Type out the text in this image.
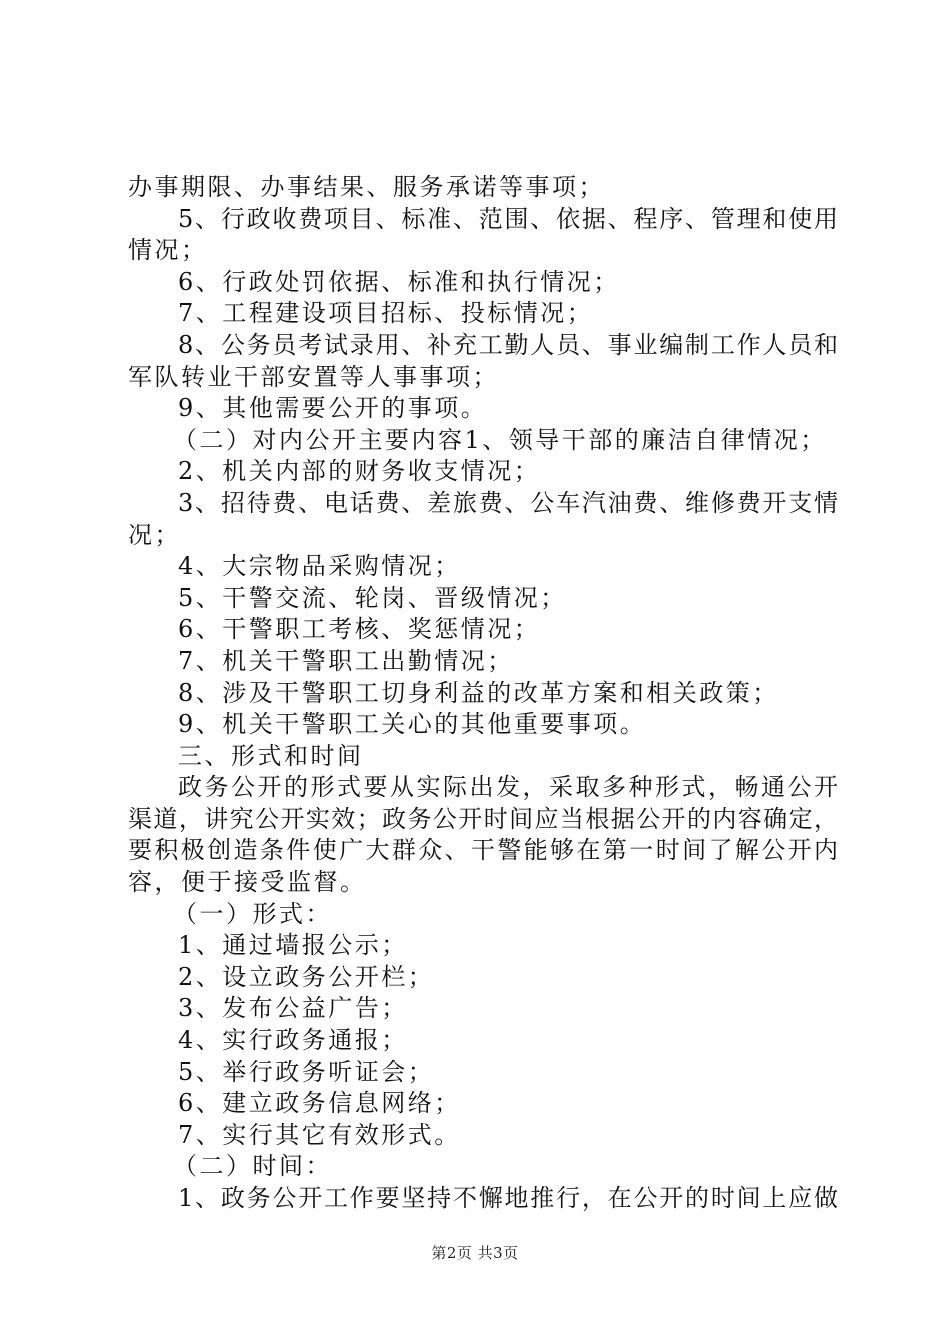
办事期限、办事结果、服务承诺等事项；
5、行政收费项目、标准、范围、依据、程序、管理和使用
情况；
6、行政处罚依据、标准和执行情况；
7、工程建设项目招标、投标情况；
8、公务员考试录用、补充工勤人员、事业编制工作人员和
军队转业干部安置等人事事项；
9、其他需要公开的事项。
（二）对内公开主要内容1、领导干部的廉洁自律情况；
2、机关内部的财务收支情况；
3、招待费、电话费、差旅费、公车汽油费、维修费开支情
况；
4、大宗物品采购情况；
5、干警交流、轮岗、晋级情况；
6、干警职工考核、奖惩情况；
7、机关干警职工出勤情况；
8、涉及干警职工切身利益的改革方案和相关政策；
9、机关干警职工关心的其他重要事项。
三、形式和时间
政务公开的形式要从实际出发，采取多种形式，畅通公开
渠道，讲究公开实效；政务公开时间应当根据公开的内容确定，
要积极创造条件使广大群众、干警能够在第一时间了解公开内
容，便于接受监督。
（一）形式：
1、通过墙报公示；
2、设立政务公开栏；
3、发布公益广告；
4、实行政务通报；
5、举行政务听证会；
6、建立政务信息网络；
7、实行其它有效形式。
（二）时间：
1、政务公开工作要坚持不懈地推行，在公开的时间上应做
第2页 共3页
